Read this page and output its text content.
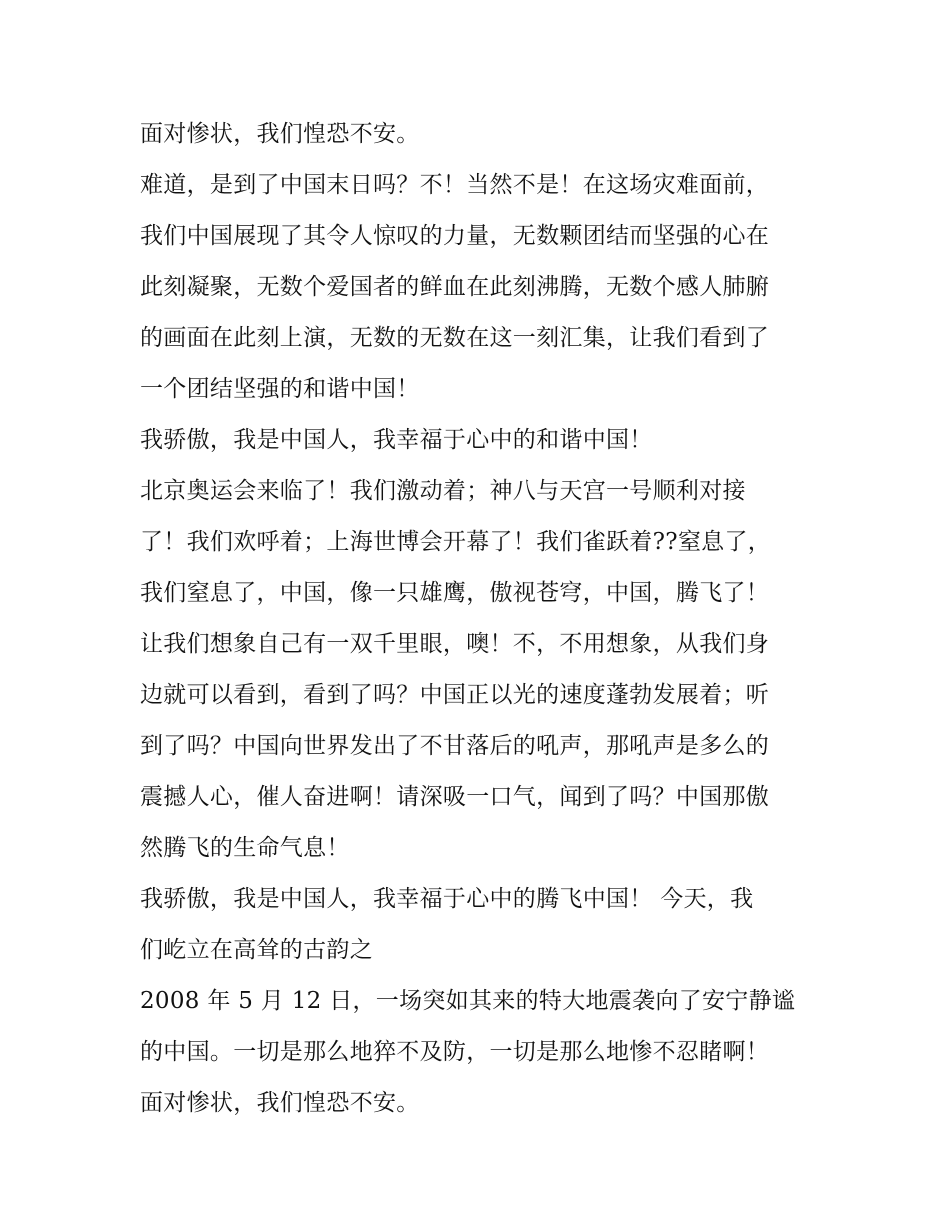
面对惨状，我们惶恐不安。
难道，是到了中国末日吗？不！当然不是！在这场灾难面前，
我们中国展现了其令人惊叹的力量，无数颗团结而坚强的心在
此刻凝聚，无数个爱国者的鲜血在此刻沸腾，无数个感人肺腑
的画面在此刻上演，无数的无数在这一刻汇集，让我们看到了
一个团结坚强的和谐中国！
我骄傲，我是中国人，我幸福于心中的和谐中国！
北京奥运会来临了！我们激动着；神八与天宫一号顺利对接
了！我们欢呼着；上海世博会开幕了！我们雀跃着??窒息了，
我们窒息了，中国，像一只雄鹰，傲视苍穹，中国，腾飞了！
让我们想象自己有一双千里眼，噢！不，不用想象，从我们身
边就可以看到，看到了吗？中国正以光的速度蓬勃发展着；听
到了吗？中国向世界发出了不甘落后的吼声，那吼声是多么的
震撼人心，催人奋进啊！请深吸一口气，闻到了吗？中国那傲
然腾飞的生命气息！
我骄傲，我是中国人，我幸福于心中的腾飞中国！ 今天，我
们屹立在高耸的古韵之
2008 年 5 月 12 日，一场突如其来的特大地震袭向了安宁静谧
的中国。一切是那么地猝不及防，一切是那么地惨不忍睹啊！
面对惨状，我们惶恐不安。
